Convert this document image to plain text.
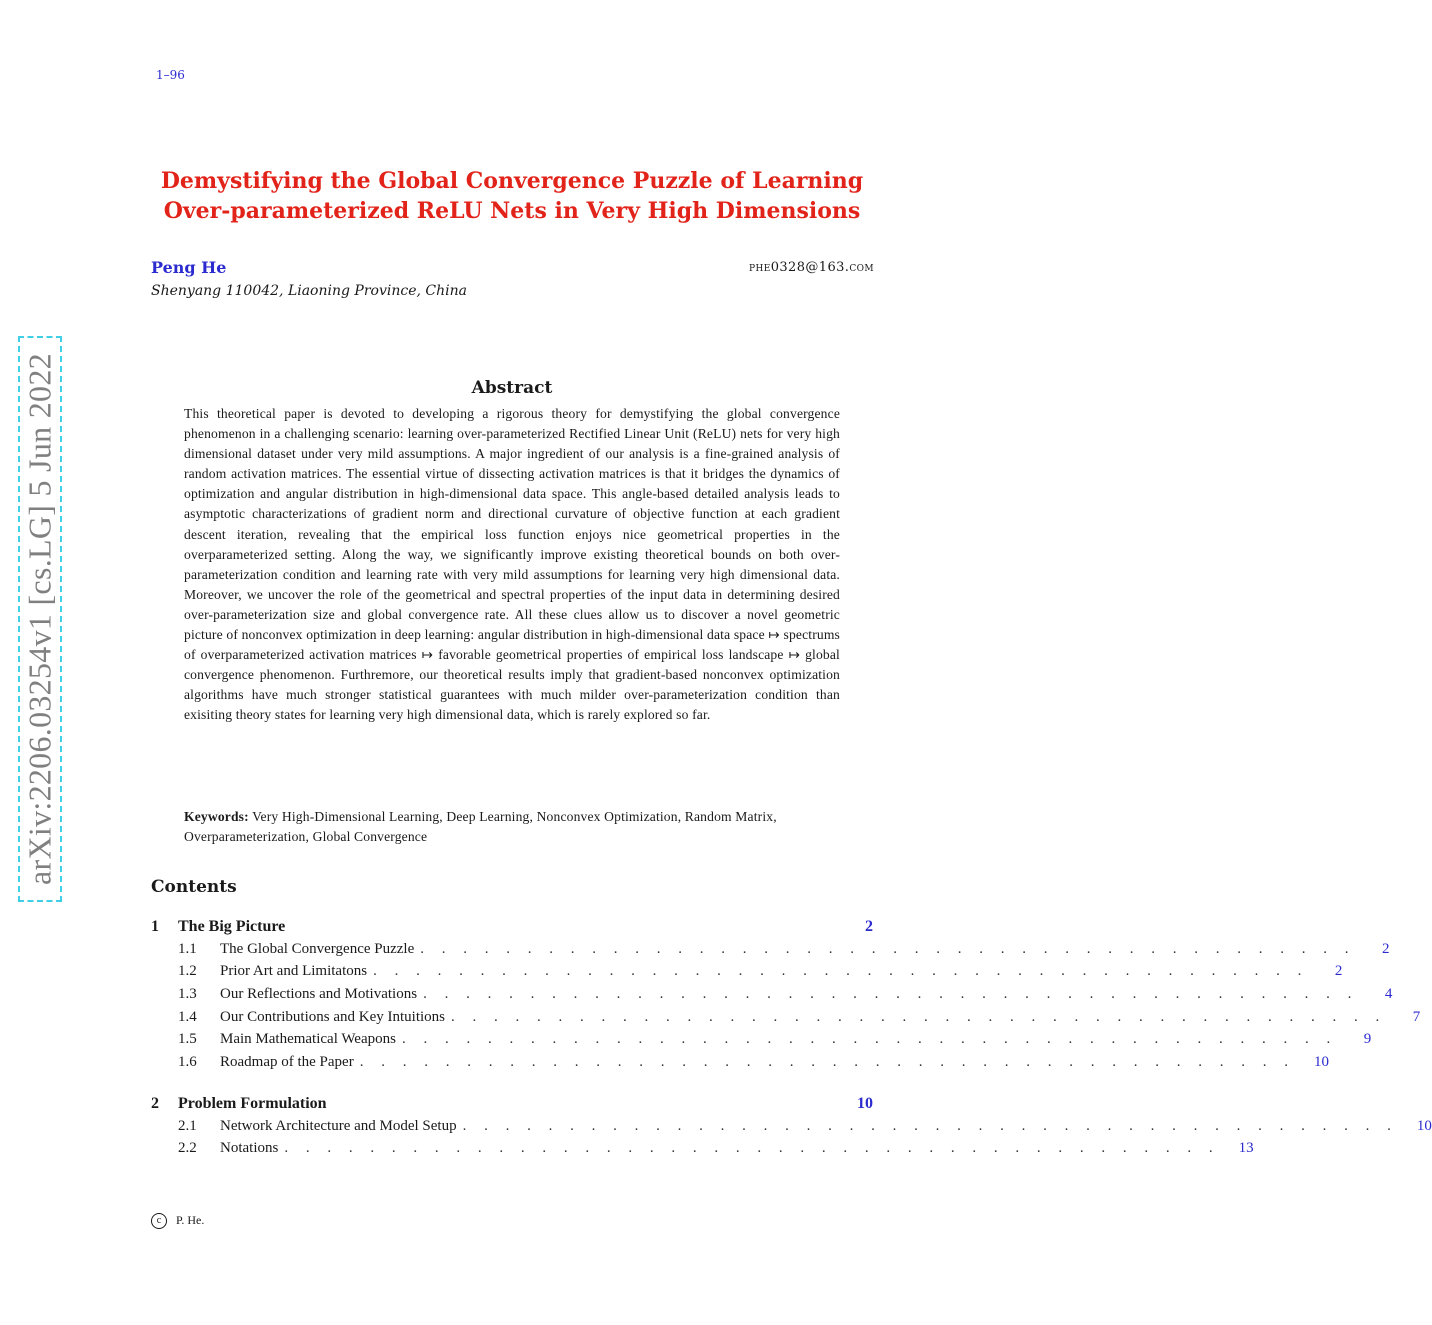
1–96
arXiv:2206.03254v1 [cs.LG] 5 Jun 2022
Demystifying the Global Convergence Puzzle of Learning
Over-parameterized ReLU Nets in Very High Dimensions
Peng He	phe0328@163.com
Shenyang 110042, Liaoning Province, China
Abstract

This theoretical paper is devoted to developing a rigorous theory for demystifying the global convergence phenomenon in a challenging scenario: learning over-parameterized Rectified Linear Unit (ReLU) nets for very high dimensional dataset under very mild assumptions. A major ingredient of our analysis is a fine-grained analysis of random activation matrices. The essential virtue of dissecting activation matrices is that it bridges the dynamics of optimization and angular distribution in high-dimensional data space. This angle-based detailed analysis leads to asymptotic characterizations of gradient norm and directional curvature of objective function at each gradient descent iteration, revealing that the empirical loss function enjoys nice geometrical properties in the overparameterized setting. Along the way, we significantly improve existing theoretical bounds on both over-parameterization condition and learning rate with very mild assumptions for learning very high dimensional data. Moreover, we uncover the role of the geometrical and spectral properties of the input data in determining desired over-parameterization size and global convergence rate. All these clues allow us to discover a novel geometric picture of nonconvex optimization in deep learning: angular distribution in high-dimensional data space ↦ spectrums of overparameterized activation matrices ↦ favorable geometrical properties of empirical loss landscape ↦ global convergence phenomenon. Furthremore, our theoretical results imply that gradient-based nonconvex optimization algorithms have much stronger statistical guarantees with much milder over-parameterization condition than exisiting theory states for learning very high dimensional data, which is rarely explored so far.

Keywords: Very High-Dimensional Learning, Deep Learning, Nonconvex Optimization, Random Matrix, Overparameterization, Global Convergence

Contents
1	The Big Picture	2
1.1	The Global Convergence Puzzle . . . . . . . . . . . . . . . . . . . . . . . . . . . . . . . . . . . . . . . . . . . .	2
1.2	Prior Art and Limitatons . . . . . . . . . . . . . . . . . . . . . . . . . . . . . . . . . . . . . . . . . . . .	2
1.3	Our Reflections and Motivations . . . . . . . . . . . . . . . . . . . . . . . . . . . . . . . . . . . . . . . . . . . .	4
1.4	Our Contributions and Key Intuitions . . . . . . . . . . . . . . . . . . . . . . . . . . . . . . . . . . . . . . . . . . . .	7
1.5	Main Mathematical Weapons . . . . . . . . . . . . . . . . . . . . . . . . . . . . . . . . . . . . . . . . . . . .	9
1.6	Roadmap of the Paper . . . . . . . . . . . . . . . . . . . . . . . . . . . . . . . . . . . . . . . . . . . .	10
2	Problem Formulation	10
2.1	Network Architecture and Model Setup . . . . . . . . . . . . . . . . . . . . . . . . . . . . . . . . . . . . . . . . . . . .	10
2.2	Notations . . . . . . . . . . . . . . . . . . . . . . . . . . . . . . . . . . . . . . . . . . . .	13
c P. He.
